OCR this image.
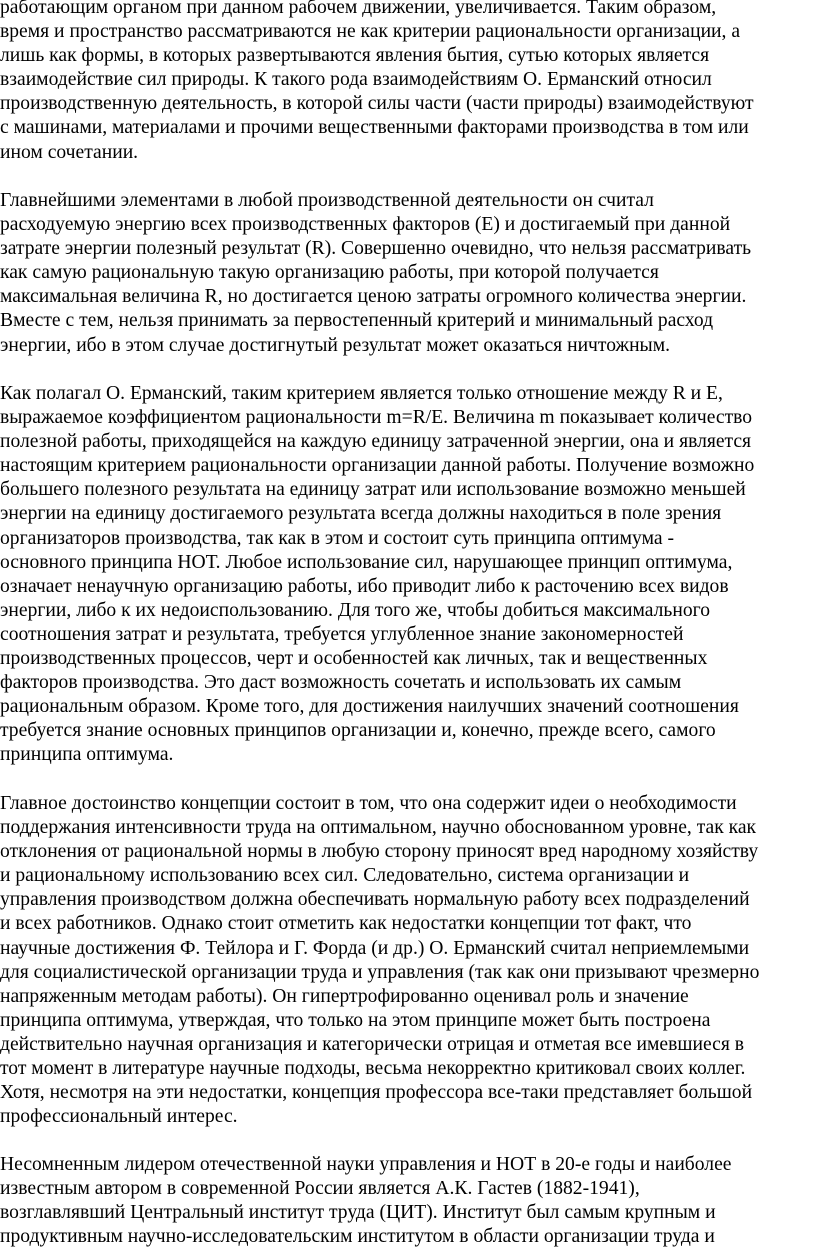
работающим органом при данном рабочем движении, увеличивается. Таким образом,
время и пространство рассматриваются не как критерии рациональности организации, а
лишь как формы, в которых развертываются явления бытия, сутью которых является
взаимодействие сил природы. К такого рода взаимодействиям О. Ерманский относил
производственную деятельность, в которой силы части (части природы) взаимодействуют
с машинами, материалами и прочими вещественными факторами производства в том или
ином сочетании.
Главнейшими элементами в любой производственной деятельности он считал
расходуемую энергию всех производственных факторов (Е) и достигаемый при данной
затрате энергии полезный результат (R). Совершенно очевидно, что нельзя рассматривать
как самую рациональную такую организацию работы, при которой получается
максимальная величина R, но достигается ценою затраты огромного количества энергии.
Вместе с тем, нельзя принимать за первостепенный критерий и минимальный расход
энергии, ибо в этом случае достигнутый результат может оказаться ничтожным.
Как полагал О. Ерманский, таким критерием является только отношение между R и Е,
выражаемое коэффициентом рациональности m=R/E. Величина m показывает количество
полезной работы, приходящейся на каждую единицу затраченной энергии, она и является
настоящим критерием рациональности организации данной работы. Получение возможно
большего полезного результата на единицу затрат или использование возможно меньшей
энергии на единицу достигаемого результата всегда должны находиться в поле зрения
организаторов производства, так как в этом и состоит суть принципа оптимума -
основного принципа НОТ. Любое использование сил, нарушающее принцип оптимума,
означает ненаучную организацию работы, ибо приводит либо к расточению всех видов
энергии, либо к их недоиспользованию. Для того же, чтобы добиться максимального
соотношения затрат и результата, требуется углубленное знание закономерностей
производственных процессов, черт и особенностей как личных, так и вещественных
факторов производства. Это даст возможность сочетать и использовать их самым
рациональным образом. Кроме того, для достижения наилучших значений соотношения
требуется знание основных принципов организации и, конечно, прежде всего, самого
принципа оптимума.
Главное достоинство концепции состоит в том, что она содержит идеи о необходимости
поддержания интенсивности труда на оптимальном, научно обоснованном уровне, так как
отклонения от рациональной нормы в любую сторону приносят вред народному хозяйству
и рациональному использованию всех сил. Следовательно, система организации и
управления производством должна обеспечивать нормальную работу всех подразделений
и всех работников. Однако стоит отметить как недостатки концепции тот факт, что
научные достижения Ф. Тейлора и Г. Форда (и др.) О. Ерманский считал неприемлемыми
для социалистической организации труда и управления (так как они призывают чрезмерно
напряженным методам работы). Он гипертрофированно оценивал роль и значение
принципа оптимума, утверждая, что только на этом принципе может быть построена
действительно научная организация и категорически отрицая и отметая все имевшиеся в
тот момент в литературе научные подходы, весьма некорректно критиковал своих коллег.
Хотя, несмотря на эти недостатки, концепция профессора все-таки представляет большой
профессиональный интерес.
Несомненным лидером отечественной науки управления и НОТ в 20-е годы и наиболее
известным автором в современной России является А.К. Гастев (1882-1941),
возглавлявший Центральный институт труда (ЦИТ). Институт был самым крупным и
продуктивным научно-исследовательским институтом в области организации труда и
